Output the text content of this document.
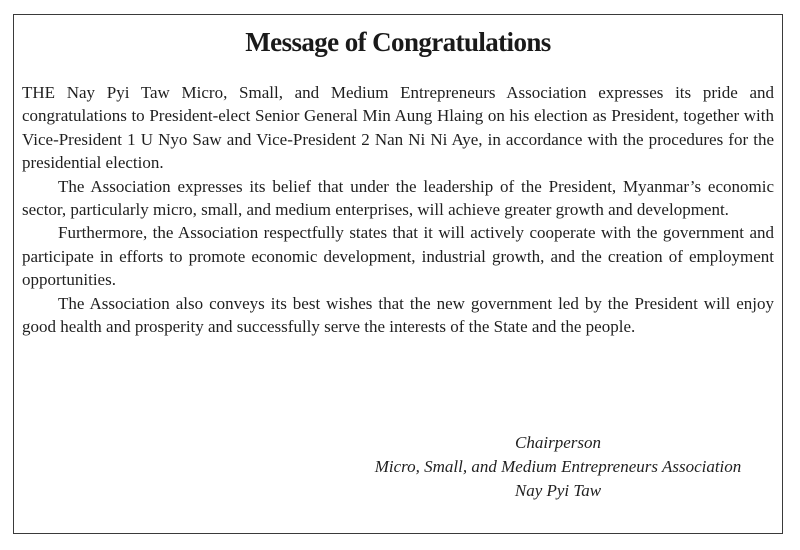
Message of Congratulations

THE Nay Pyi Taw Micro, Small, and Medium Entrepreneurs Association expresses its pride and congratulations to President-elect Senior General Min Aung Hlaing on his election as President, together with Vice-President 1 U Nyo Saw and Vice-President 2 Nan Ni Ni Aye, in accordance with the procedures for the presidential election.

The Association expresses its belief that under the leadership of the President, Myanmar’s economic sector, particularly micro, small, and medium enterprises, will achieve greater growth and development.

Furthermore, the Association respectfully states that it will actively cooperate with the government and participate in efforts to promote economic development, industrial growth, and the creation of employment opportunities.

The Association also conveys its best wishes that the new government led by the President will enjoy good health and prosperity and successfully serve the interests of the State and the people.

Chairperson
Micro, Small, and Medium Entrepreneurs Association
Nay Pyi Taw
